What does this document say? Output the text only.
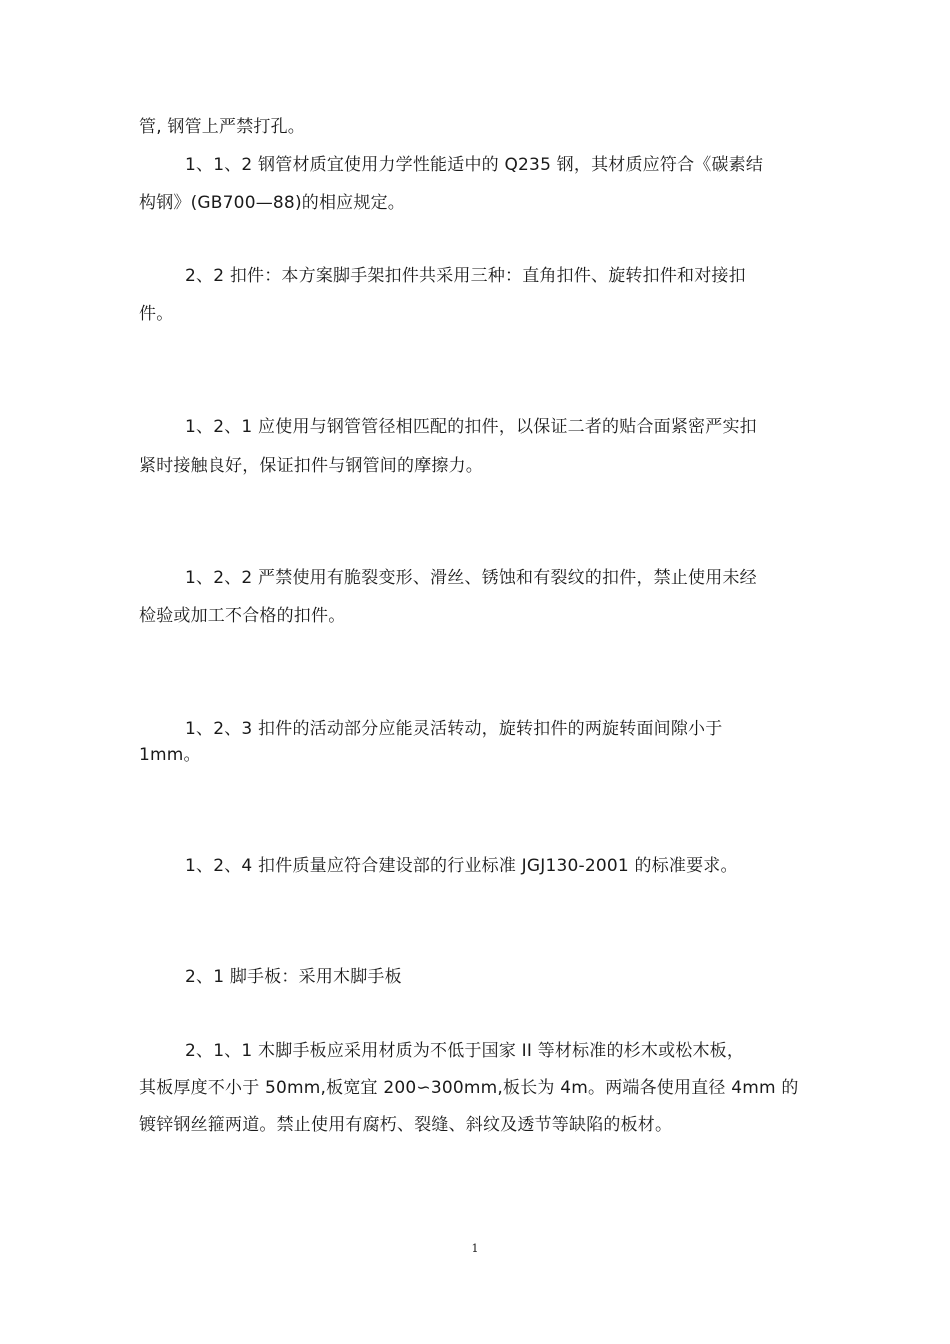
管, 钢管上严禁打孔。
1、1、2 钢管材质宜使用力学性能适中的 Q235 钢，其材质应符合《碳素结
构钢》(GB700—88)的相应规定。
2、2 扣件：本方案脚手架扣件共采用三种：直角扣件、旋转扣件和对接扣
件。
1、2、1 应使用与钢管管径相匹配的扣件，以保证二者的贴合面紧密严实扣
紧时接触良好，保证扣件与钢管间的摩擦力。
1、2、2 严禁使用有脆裂变形、滑丝、锈蚀和有裂纹的扣件，禁止使用未经
检验或加工不合格的扣件。
1、2、3 扣件的活动部分应能灵活转动，旋转扣件的两旋转面间隙小于
1mm。
1、2、4 扣件质量应符合建设部的行业标准 JGJ130-2001 的标准要求。
2、1 脚手板：采用木脚手板
2、1、1 木脚手板应采用材质为不低于国家 II 等材标准的杉木或松木板，
其板厚度不小于 50mm,板宽宜 200∽300mm,板长为 4m。两端各使用直径 4mm 的
镀锌钢丝箍两道。禁止使用有腐朽、裂缝、斜纹及透节等缺陷的板材。
1
